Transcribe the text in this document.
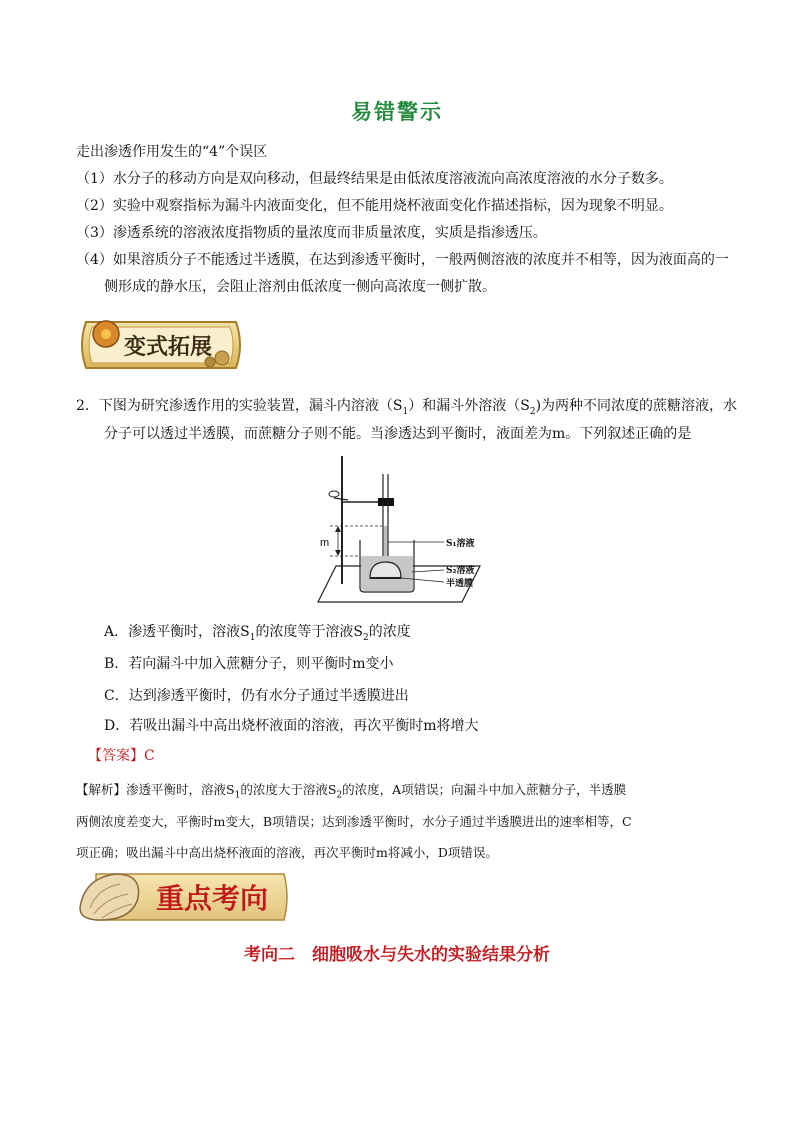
易错警示
走出渗透作用发生的“4”个误区
（1）水分子的移动方向是双向移动，但最终结果是由低浓度溶液流向高浓度溶液的水分子数多。
（2）实验中观察指标为漏斗内液面变化，但不能用烧杯液面变化作描述指标，因为现象不明显。
（3）渗透系统的溶液浓度指物质的量浓度而非质量浓度，实质是指渗透压。
（4）如果溶质分子不能透过半透膜，在达到渗透平衡时，一般两侧溶液的浓度并不相等，因为液面高的一
侧形成的静水压，会阻止溶剂由低浓度一侧向高浓度一侧扩散。
变式拓展
2．下图为研究渗透作用的实验装置，漏斗内溶液$(S_1)$和漏斗外溶液$(S_2)$为两种不同浓度的蔗糖溶液，水
分子可以透过半透膜，而蔗糖分子则不能。当渗透达到平衡时，液面差为m。下列叙述正确的是
m	S₁溶液
S₂溶液
半透膜
A．渗透平衡时，溶液$S_1$的浓度等于溶液$S_2$的浓度
B．若向漏斗中加入蔗糖分子，则平衡时m变小
C．达到渗透平衡时，仍有水分子通过半透膜进出
D．若吸出漏斗中高出烧杯液面的溶液，再次平衡时m将增大
【答案】C
【解析】渗透平衡时，溶液$S_1$的浓度大于溶液$S_2$的浓度，A项错误；向漏斗中加入蔗糖分子，半透膜
两侧浓度差变大，平衡时m变大，B项错误；达到渗透平衡时，水分子通过半透膜进出的速率相等，C
项正确；吸出漏斗中高出烧杯液面的溶液，再次平衡时m将减小，D项错误。
重点考向
考向二　细胞吸水与失水的实验结果分析
